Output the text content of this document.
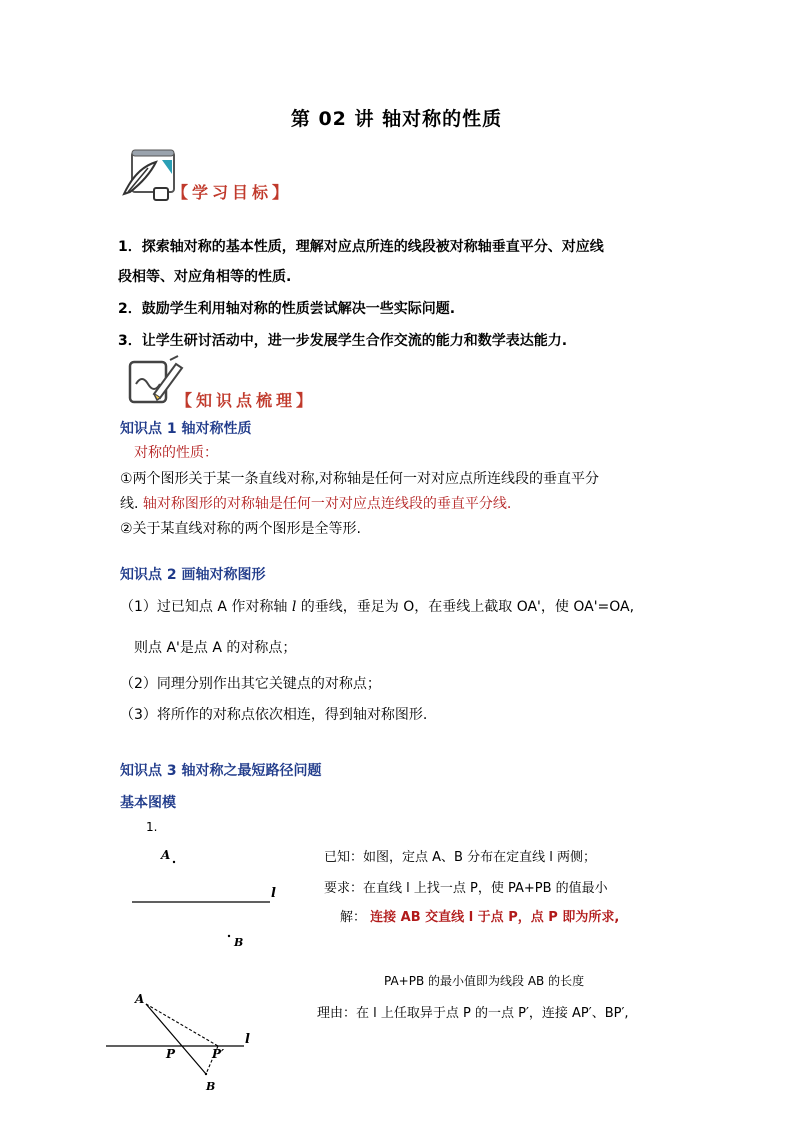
第 02 讲 轴对称的性质
【学习目标】
1．探索轴对称的基本性质，理解对应点所连的线段被对称轴垂直平分、对应线
段相等、对应角相等的性质.
2．鼓励学生利用轴对称的性质尝试解决一些实际问题.
3．让学生研讨活动中，进一步发展学生合作交流的能力和数学表达能力.
【知识点梳理】
知识点 1 轴对称性质
对称的性质：
①两个图形关于某一条直线对称,对称轴是任何一对对应点所连线段的垂直平分
线. 轴对称图形的对称轴是任何一对对应点连线段的垂直平分线.
②关于某直线对称的两个图形是全等形.
知识点 2 画轴对称图形
（1）过已知点 A 作对称轴 l 的垂线，垂足为 O，在垂线上截取 OA'，使 OA'=OA,
则点 A'是点 A 的对称点；
（2）同理分别作出其它关键点的对称点；
（3）将所作的对称点依次相连，得到轴对称图形.
知识点 3 轴对称之最短路径问题
基本图模
1.
A
l
B
已知：如图，定点 A、B 分布在定直线 l 两侧；
要求：在直线 l 上找一点 P，使 PA+PB 的值最小
解： 连接 AB 交直线 l 于点 P，点 P 即为所求,
PA+PB 的最小值即为线段 AB 的长度
理由：在 l 上任取异于点 P 的一点 P′，连接 AP′、BP′,
A
P	P′
l
B
